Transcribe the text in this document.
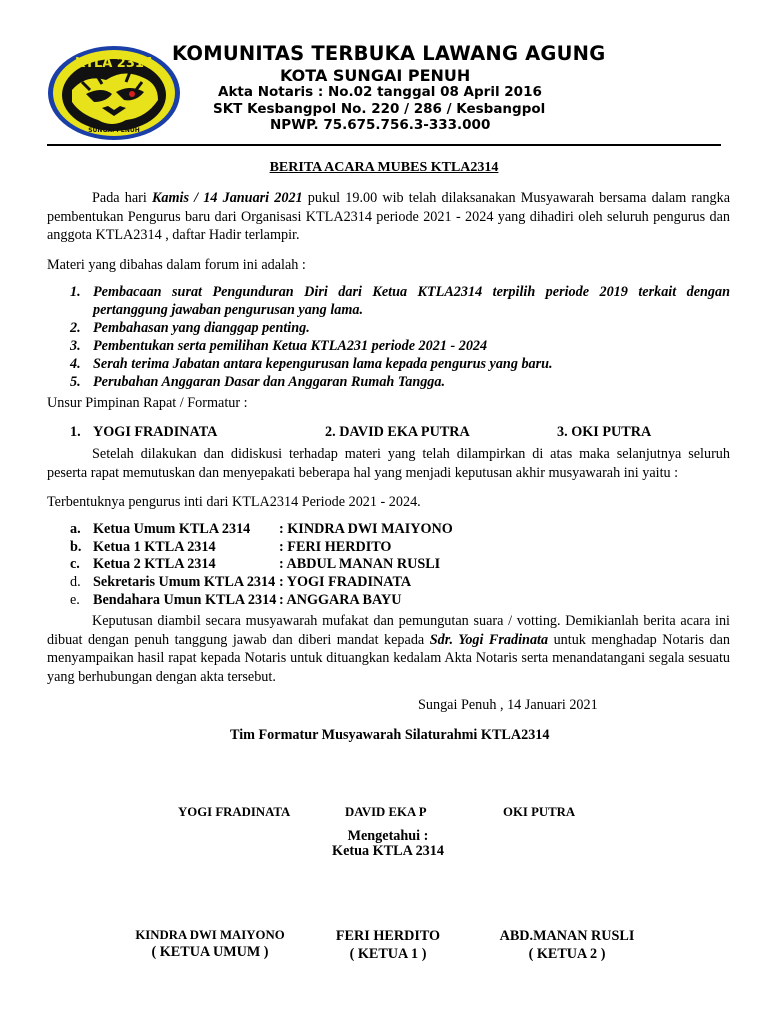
KTLA 2314
SUNGAI PENUH
KOMUNITAS TERBUKA LAWANG AGUNG
KOTA SUNGAI PENUH
Akta Notaris : No.02 tanggal 08 April 2016
SKT Kesbangpol No. 220 / 286 / Kesbangpol
NPWP. 75.675.756.3-333.000
BERITA ACARA MUBES KTLA2314
Pada hari Kamis / 14 Januari 2021 pukul 19.00 wib telah dilaksanakan Musyawarah bersama dalam rangka pembentukan Pengurus baru dari Organisasi KTLA2314 periode 2021 - 2024 yang dihadiri oleh seluruh pengurus dan anggota KTLA2314 , daftar Hadir terlampir.
Materi yang dibahas dalam forum ini adalah :
1. Pembacaan surat Pengunduran Diri dari Ketua KTLA2314 terpilih periode 2019 terkait dengan pertanggung jawaban pengurusan yang lama.
2. Pembahasan yang dianggap penting.
3. Pembentukan serta pemilihan Ketua KTLA231 periode 2021 - 2024
4. Serah terima Jabatan antara kepengurusan lama kepada pengurus yang baru.
5. Perubahan Anggaran Dasar dan Anggaran Rumah Tangga.
Unsur Pimpinan Rapat / Formatur :
1. YOGI FRADINATA	2. DAVID EKA PUTRA	3. OKI PUTRA
Setelah dilakukan dan didiskusi terhadap materi yang telah dilampirkan di atas maka selanjutnya seluruh peserta rapat memutuskan dan menyepakati beberapa hal yang menjadi keputusan akhir musyawarah ini yaitu :
Terbentuknya pengurus inti dari KTLA2314 Periode 2021 - 2024.
a. Ketua Umum KTLA 2314	: KINDRA DWI MAIYONO
b. Ketua 1 KTLA 2314	: FERI HERDITO
c. Ketua 2 KTLA 2314	: ABDUL MANAN RUSLI
d. Sekretaris Umum KTLA 2314 : YOGI FRADINATA
e. Bendahara Umun KTLA 2314 : ANGGARA BAYU
Keputusan diambil secara musyawarah mufakat dan pemungutan suara / votting. Demikianlah berita acara ini dibuat dengan penuh tanggung jawab dan diberi mandat kepada Sdr. Yogi Fradinata untuk menghadap Notaris dan menyampaikan hasil rapat kepada Notaris untuk dituangkan kedalam Akta Notaris serta menandatangani segala sesuatu yang berhubungan dengan akta tersebut.
Sungai Penuh , 14 Januari 2021
Tim Formatur Musyawarah Silaturahmi KTLA2314
YOGI FRADINATA	DAVID EKA P	OKI PUTRA
Mengetahui :
Ketua KTLA 2314
KINDRA DWI MAIYONO
( KETUA UMUM )
FERI HERDITO
( KETUA 1 )
ABD.MANAN RUSLI
( KETUA 2 )
